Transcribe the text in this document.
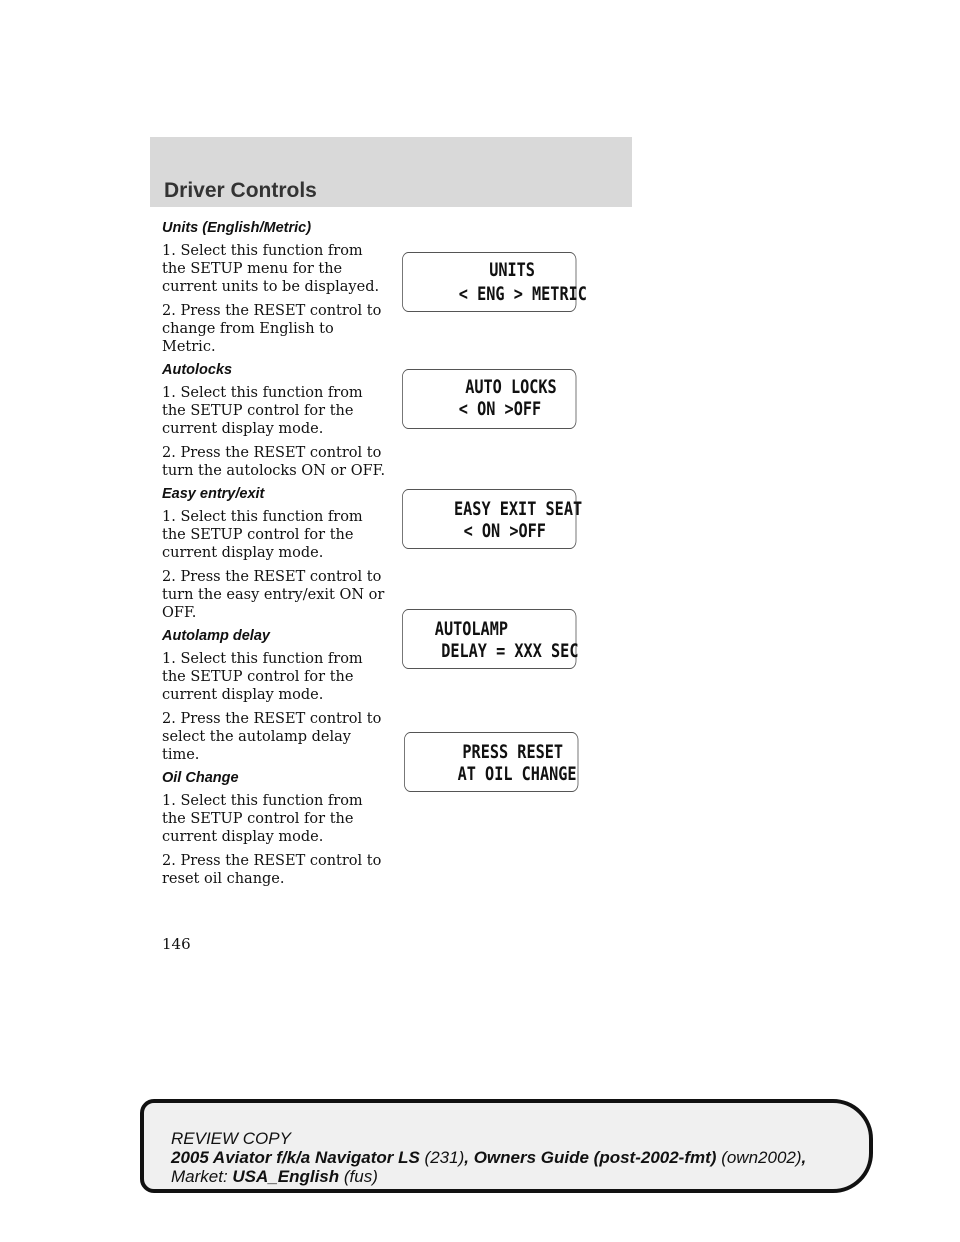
Driver Controls
Units (English/Metric)

1. Select this function from the SETUP menu for the current units to be displayed.

2. Press the RESET control to change from English to Metric.

Autolocks

1. Select this function from the SETUP control for the current display mode.

2. Press the RESET control to turn the autolocks ON or OFF.

Easy entry/exit

1. Select this function from the SETUP control for the current display mode.

2. Press the RESET control to turn the easy entry/exit ON or OFF.

Autolamp delay

1. Select this function from the SETUP control for the current display mode.

2. Press the RESET control to select the autolamp delay time.

Oil Change

1. Select this function from the SETUP control for the current display mode.

2. Press the RESET control to reset oil change.

UNITS
< ENG > METRIC
AUTO LOCKS
< ON >OFF
EASY EXIT SEAT
< ON >OFF
AUTOLAMP
DELAY = XXX SEC
PRESS RESET
AT OIL CHANGE
146
REVIEW COPY
2005 Aviator f/k/a Navigator LS (231), Owners Guide (post-2002-fmt) (own2002),
Market: USA_English (fus)
